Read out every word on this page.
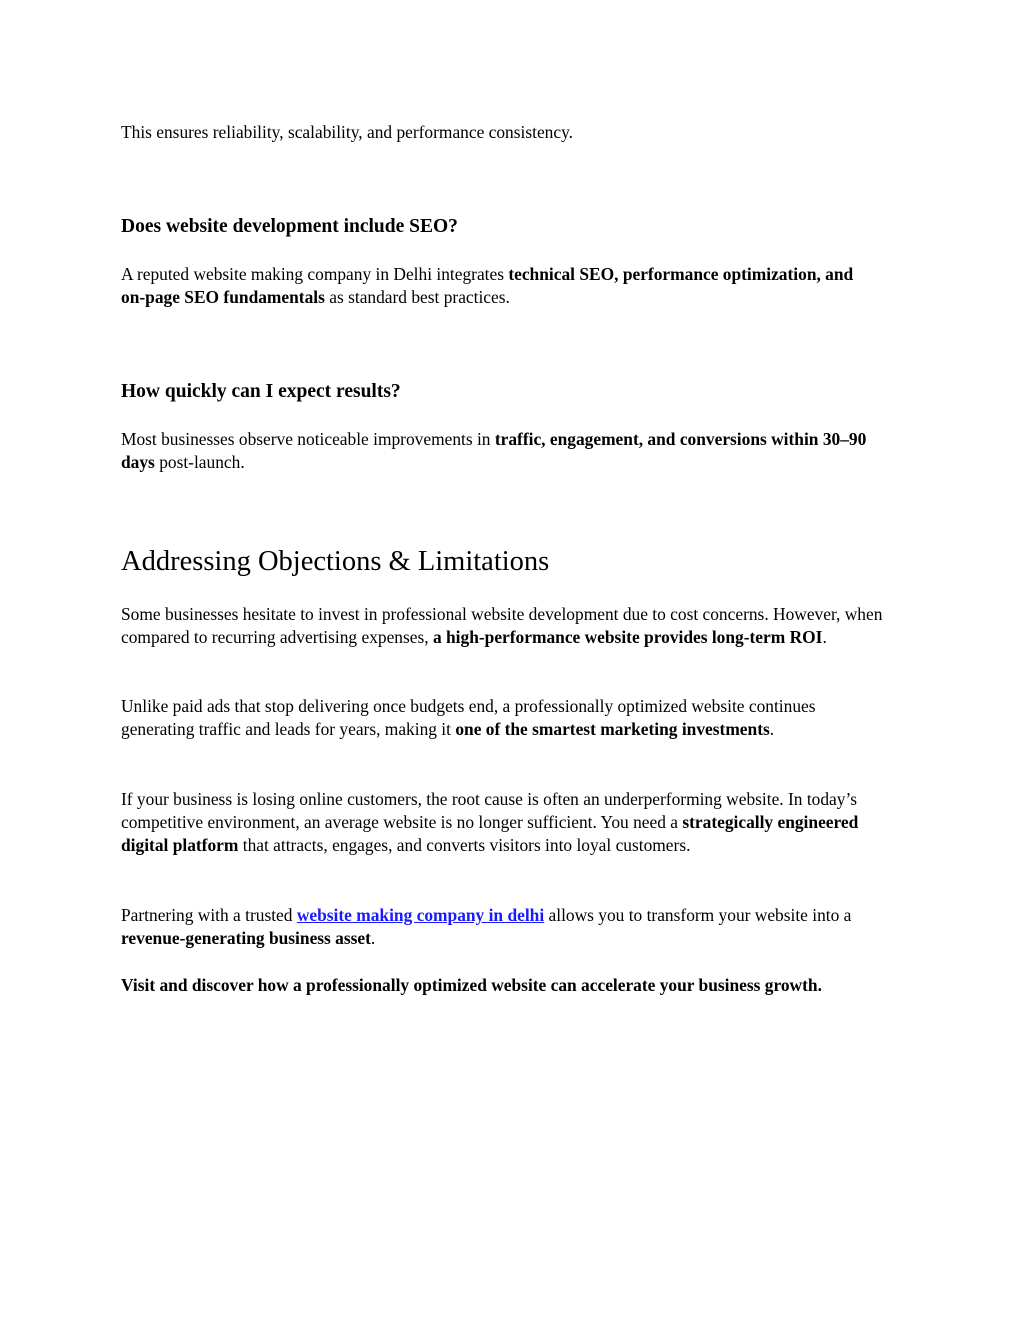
This ensures reliability, scalability, and performance consistency.

Does website development include SEO?

A reputed website making company in Delhi integrates technical SEO, performance optimization, and on-page SEO fundamentals as standard best practices.

How quickly can I expect results?

Most businesses observe noticeable improvements in traffic, engagement, and conversions within 30–90 days post-launch.

Addressing Objections & Limitations

Some businesses hesitate to invest in professional website development due to cost concerns. However, when compared to recurring advertising expenses, a high-performance website provides long-term ROI.

Unlike paid ads that stop delivering once budgets end, a professionally optimized website continues generating traffic and leads for years, making it one of the smartest marketing investments.

If your business is losing online customers, the root cause is often an underperforming website. In today’s competitive environment, an average website is no longer sufficient. You need a strategically engineered digital platform that attracts, engages, and converts visitors into loyal customers.

Partnering with a trusted website making company in delhi allows you to transform your website into a revenue-generating business asset.

Visit and discover how a professionally optimized website can accelerate your business growth.
